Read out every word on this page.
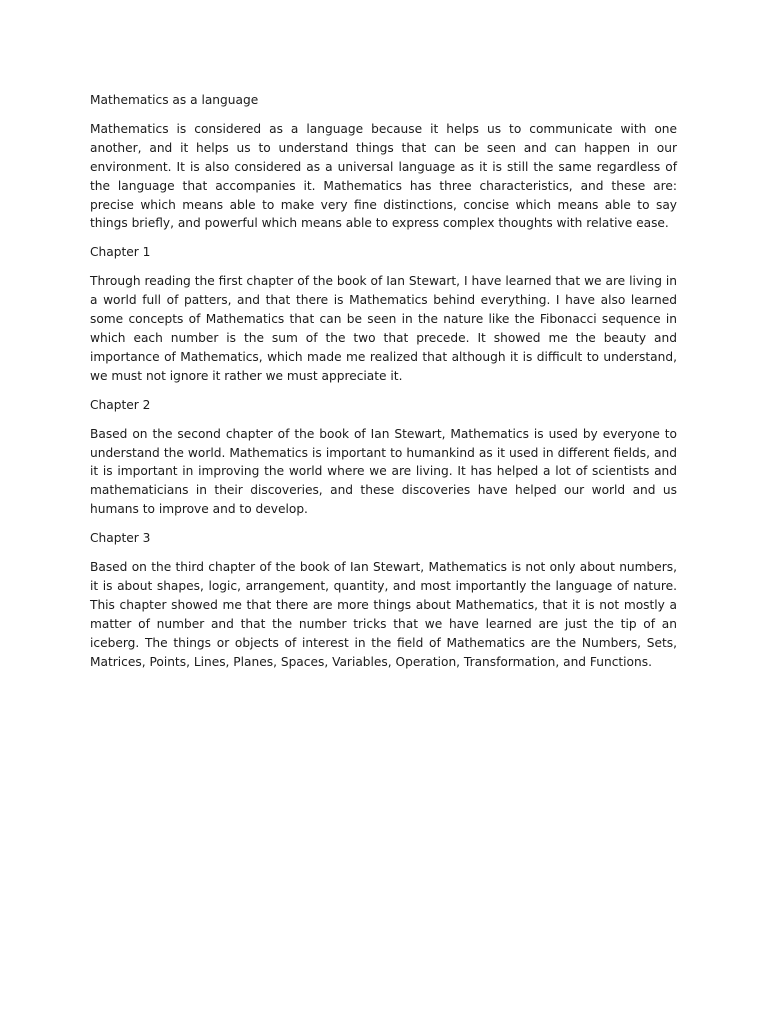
Mathematics as a language

Mathematics is considered as a language because it helps us to communicate with one another, and it helps us to understand things that can be seen and can happen in our environment. It is also considered as a universal language as it is still the same regardless of the language that accompanies it. Mathematics has three characteristics, and these are: precise which means able to make very fine distinctions, concise which means able to say things briefly, and powerful which means able to express complex thoughts with relative ease.

Chapter 1

Through reading the first chapter of the book of Ian Stewart, I have learned that we are living in a world full of patters, and that there is Mathematics behind everything. I have also learned some concepts of Mathematics that can be seen in the nature like the Fibonacci sequence in which each number is the sum of the two that precede. It showed me the beauty and importance of Mathematics, which made me realized that although it is difficult to understand, we must not ignore it rather we must appreciate it.

Chapter 2

Based on the second chapter of the book of Ian Stewart, Mathematics is used by everyone to understand the world. Mathematics is important to humankind as it used in different fields, and it is important in improving the world where we are living. It has helped a lot of scientists and mathematicians in their discoveries, and these discoveries have helped our world and us humans to improve and to develop.

Chapter 3

Based on the third chapter of the book of Ian Stewart, Mathematics is not only about numbers, it is about shapes, logic, arrangement, quantity, and most importantly the language of nature. This chapter showed me that there are more things about Mathematics, that it is not mostly a matter of number and that the number tricks that we have learned are just the tip of an iceberg. The things or objects of interest in the field of Mathematics are the Numbers, Sets, Matrices, Points, Lines, Planes, Spaces, Variables, Operation, Transformation, and Functions.
